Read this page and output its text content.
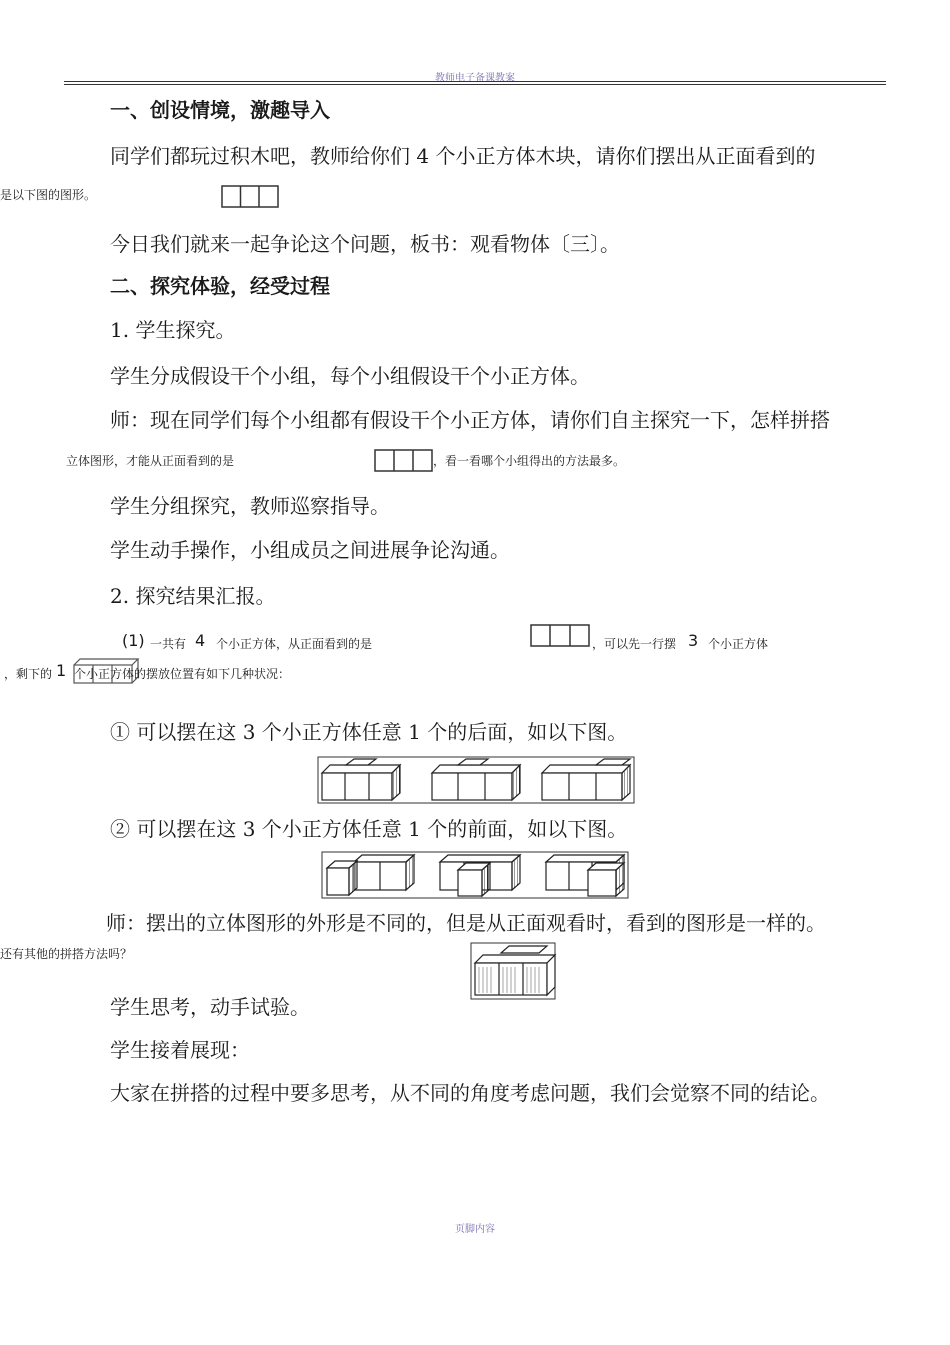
教师电子备课教案
一、创设情境，激趣导入
同学们都玩过积木吧，教师给你们 4 个小正方体木块，请你们摆出从正面看到的
是以下图的图形。
今日我们就来一起争论这个问题，板书：观看物体〔三〕。
二、探究体验，经受过程
1. 学生探究。
学生分成假设干个小组，每个小组假设干个小正方体。
师：现在同学们每个小组都有假设干个小正方体，请你们自主探究一下，怎样拼搭
立体图形，才能从正面看到的是	，看一看哪个小组得出的方法最多。
学生分组探究，教师巡察指导。
学生动手操作，小组成员之间进展争论沟通。
2. 探究结果汇报。
(1) 一共有 4 个小正方体，从正面看到的是	，可以先一行摆 3 个小正方体
，剩下的 1 个小正方体的摆放位置有如下几种状况：
① 可以摆在这 3 个小正方体任意 1 个的后面，如以下图。
② 可以摆在这 3 个小正方体任意 1 个的前面，如以下图。
师：摆出的立体图形的外形是不同的，但是从正面观看时，看到的图形是一样的。
还有其他的拼搭方法吗？
学生思考，动手试验。
学生接着展现：
大家在拼搭的过程中要多思考，从不同的角度考虑问题，我们会觉察不同的结论。
页脚内容
